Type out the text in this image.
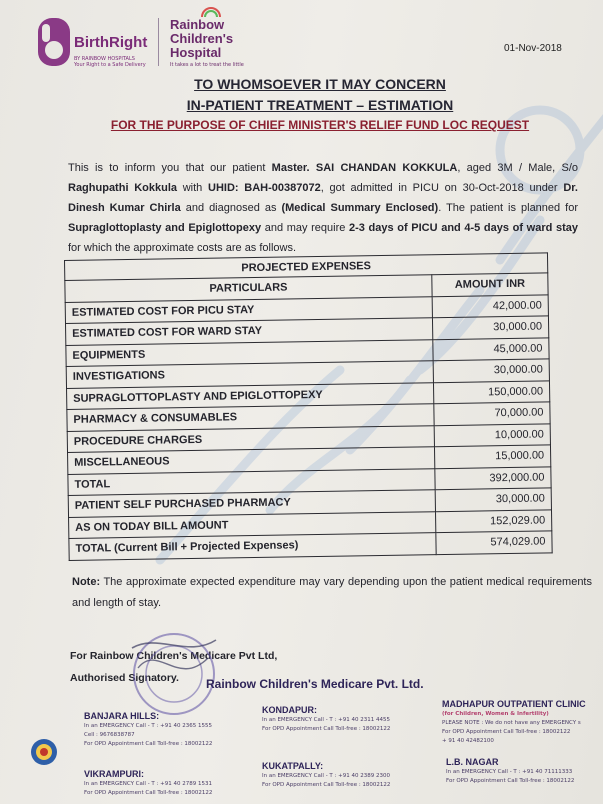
BirthRight
BY RAINBOW HOSPITALS
Your Right to a Safe Delivery
Rainbow
Children's
Hospital
It takes a lot to treat the little
01-Nov-2018
TO WHOMSOEVER IT MAY CONCERN
IN-PATIENT TREATMENT – ESTIMATION
FOR THE PURPOSE OF CHIEF MINISTER'S RELIEF FUND LOC REQUEST

This is to inform you that our patient Master. SAI CHANDAN KOKKULA, aged 3M / Male, S/o Raghupathi Kokkula with UHID: BAH-00387072, got admitted in PICU on 30-Oct-2018 under Dr. Dinesh Kumar Chirla and diagnosed as (Medical Summary Enclosed). The patient is planned for Supraglottoplasty and Epiglottopexy and may require 2-3 days of PICU and 4-5 days of ward stay for which the approximate costs are as follows.

PROJECTED EXPENSES	
PARTICULARS	AMOUNT INR
ESTIMATED COST FOR PICU STAY	42,000.00
ESTIMATED COST FOR WARD STAY	30,000.00
EQUIPMENTS	45,000.00
INVESTIGATIONS	30,000.00
SUPRAGLOTTOPLASTY AND EPIGLOTTOPEXY	150,000.00
PHARMACY & CONSUMABLES	70,000.00
PROCEDURE CHARGES	10,000.00
MISCELLANEOUS	15,000.00
TOTAL	392,000.00
PATIENT SELF PURCHASED PHARMACY	30,000.00
AS ON TODAY BILL AMOUNT	152,029.00
TOTAL (Current Bill + Projected Expenses)	574,029.00

Note: The approximate expected expenditure may vary depending upon the patient medical requirements and length of stay.

For Rainbow Children's Medicare Pvt Ltd,
Authorised Signatory.	Rainbow Children's Medicare Pvt. Ltd.
BANJARA HILLS:
In an EMERGENCY Call - T : +91 40 2365 1555
Cell : 9676838787
For OPD Appointment Call Toll-free : 18002122
KONDAPUR:
In an EMERGENCY Call - T : +91 40 2311 4455
For OPD Appointment Call Toll-free : 18002122
MADHAPUR OUTPATIENT CLINIC
(for Children, Women & Infertility)
PLEASE NOTE : We do not have any EMERGENCY s
For OPD Appointment Call Toll-free : 18002122
+ 91 40 42482100
VIKRAMPURI:
In an EMERGENCY Call - T : +91 40 2789 1531
For OPD Appointment Call Toll-free : 18002122
KUKATPALLY:
In an EMERGENCY Call - T : +91 40 2389 2300
For OPD Appointment Call Toll-free : 18002122
L.B. NAGAR
In an EMERGENCY Call - T : +91 40 71111333
For OPD Appointment Call Toll-free : 18002122
